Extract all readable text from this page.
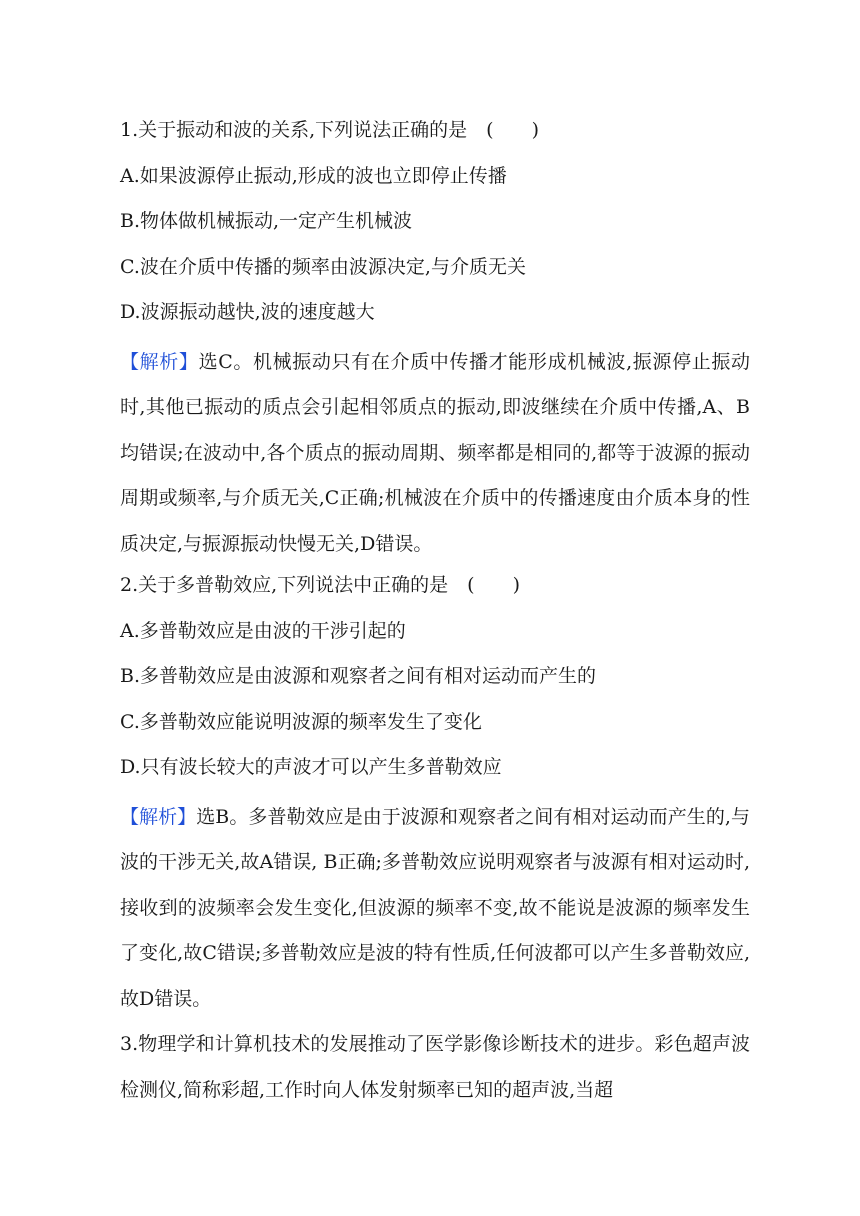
1.关于振动和波的关系,下列说法正确的是　(　　)
A.如果波源停止振动,形成的波也立即停止传播
B.物体做机械振动,一定产生机械波
C.波在介质中传播的频率由波源决定,与介质无关
D.波源振动越快,波的速度越大
【解析】选C。机械振动只有在介质中传播才能形成机械波,振源停止振动时,其他已振动的质点会引起相邻质点的振动,即波继续在介质中传播,A、B均错误;在波动中,各个质点的振动周期、频率都是相同的,都等于波源的振动周期或频率,与介质无关,C正确;机械波在介质中的传播速度由介质本身的性质决定,与振源振动快慢无关,D错误。
2.关于多普勒效应,下列说法中正确的是　(　　)
A.多普勒效应是由波的干涉引起的
B.多普勒效应是由波源和观察者之间有相对运动而产生的
C.多普勒效应能说明波源的频率发生了变化
D.只有波长较大的声波才可以产生多普勒效应
【解析】选B。多普勒效应是由于波源和观察者之间有相对运动而产生的,与波的干涉无关,故A错误, B正确;多普勒效应说明观察者与波源有相对运动时,接收到的波频率会发生变化,但波源的频率不变,故不能说是波源的频率发生了变化,故C错误;多普勒效应是波的特有性质,任何波都可以产生多普勒效应,故D错误。
3.物理学和计算机技术的发展推动了医学影像诊断技术的进步。彩色超声波检测仪,简称彩超,工作时向人体发射频率已知的超声波,当超
